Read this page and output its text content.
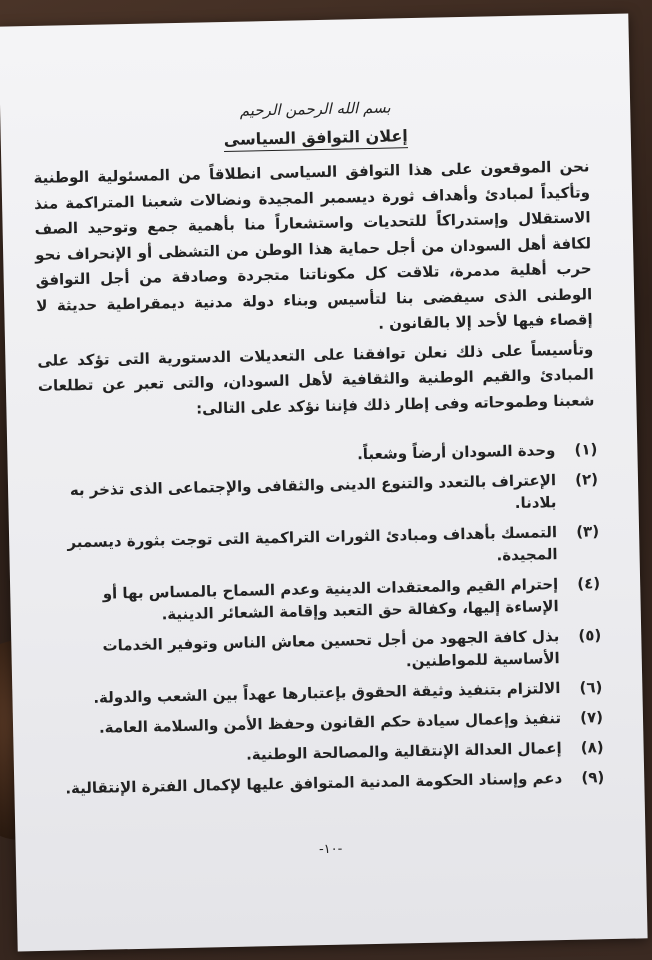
بسم الله الرحمن الرحيم
إعلان التوافق السياسى

نحن الموقعون على هذا التوافق السياسى انطلاقاً من المسئولية الوطنية وتأكيداً لمبادئ وأهداف ثورة ديسمبر المجيدة ونضالات شعبنا المتراكمة منذ الاستقلال وإستدراكاً للتحديات واستشعاراً منا بأهمية جمع وتوحيد الصف لكافة أهل السودان من أجل حماية هذا الوطن من التشظى أو الإنحراف نحو حرب أهلية مدمرة، تلاقت كل مكوناتنا متجردة وصادقة من أجل التوافق الوطنى الذى سيفضى بنا لتأسيس وبناء دولة مدنية ديمقراطية حديثة لا إقصاء فيها لأحد إلا بالقانون .

وتأسيساً على ذلك نعلن توافقنا على التعديلات الدستورية التى تؤكد على المبادئ والقيم الوطنية والثقافية لأهل السودان، والتى تعبر عن تطلعات شعبنا وطموحاته وفى إطار ذلك فإننا نؤكد على التالى:

(١)
وحدة السودان أرضاً وشعباً.
(٢)
الإعتراف بالتعدد والتنوع الدينى والثقافى والإجتماعى الذى تذخر به بلادنا.
(٣)
التمسك بأهداف ومبادئ الثورات التراكمية التى توجت بثورة ديسمبر المجيدة.
(٤)
إحترام القيم والمعتقدات الدينية وعدم السماح بالمساس بها أو الإساءة إليها، وكفالة حق التعبد وإقامة الشعائر الدينية.
(٥)
بذل كافة الجهود من أجل تحسين معاش الناس وتوفير الخدمات الأساسية للمواطنين.
(٦)
الالتزام بتنفيذ وثيقة الحقوق بإعتبارها عهداً بين الشعب والدولة.
(٧)
تنفيذ وإعمال سيادة حكم القانون وحفظ الأمن والسلامة العامة.
(٨)
إعمال العدالة الإنتقالية والمصالحة الوطنية.
(٩)
دعم وإسناد الحكومة المدنية المتوافق عليها لإكمال الفترة الإنتقالية.
-١٠-
